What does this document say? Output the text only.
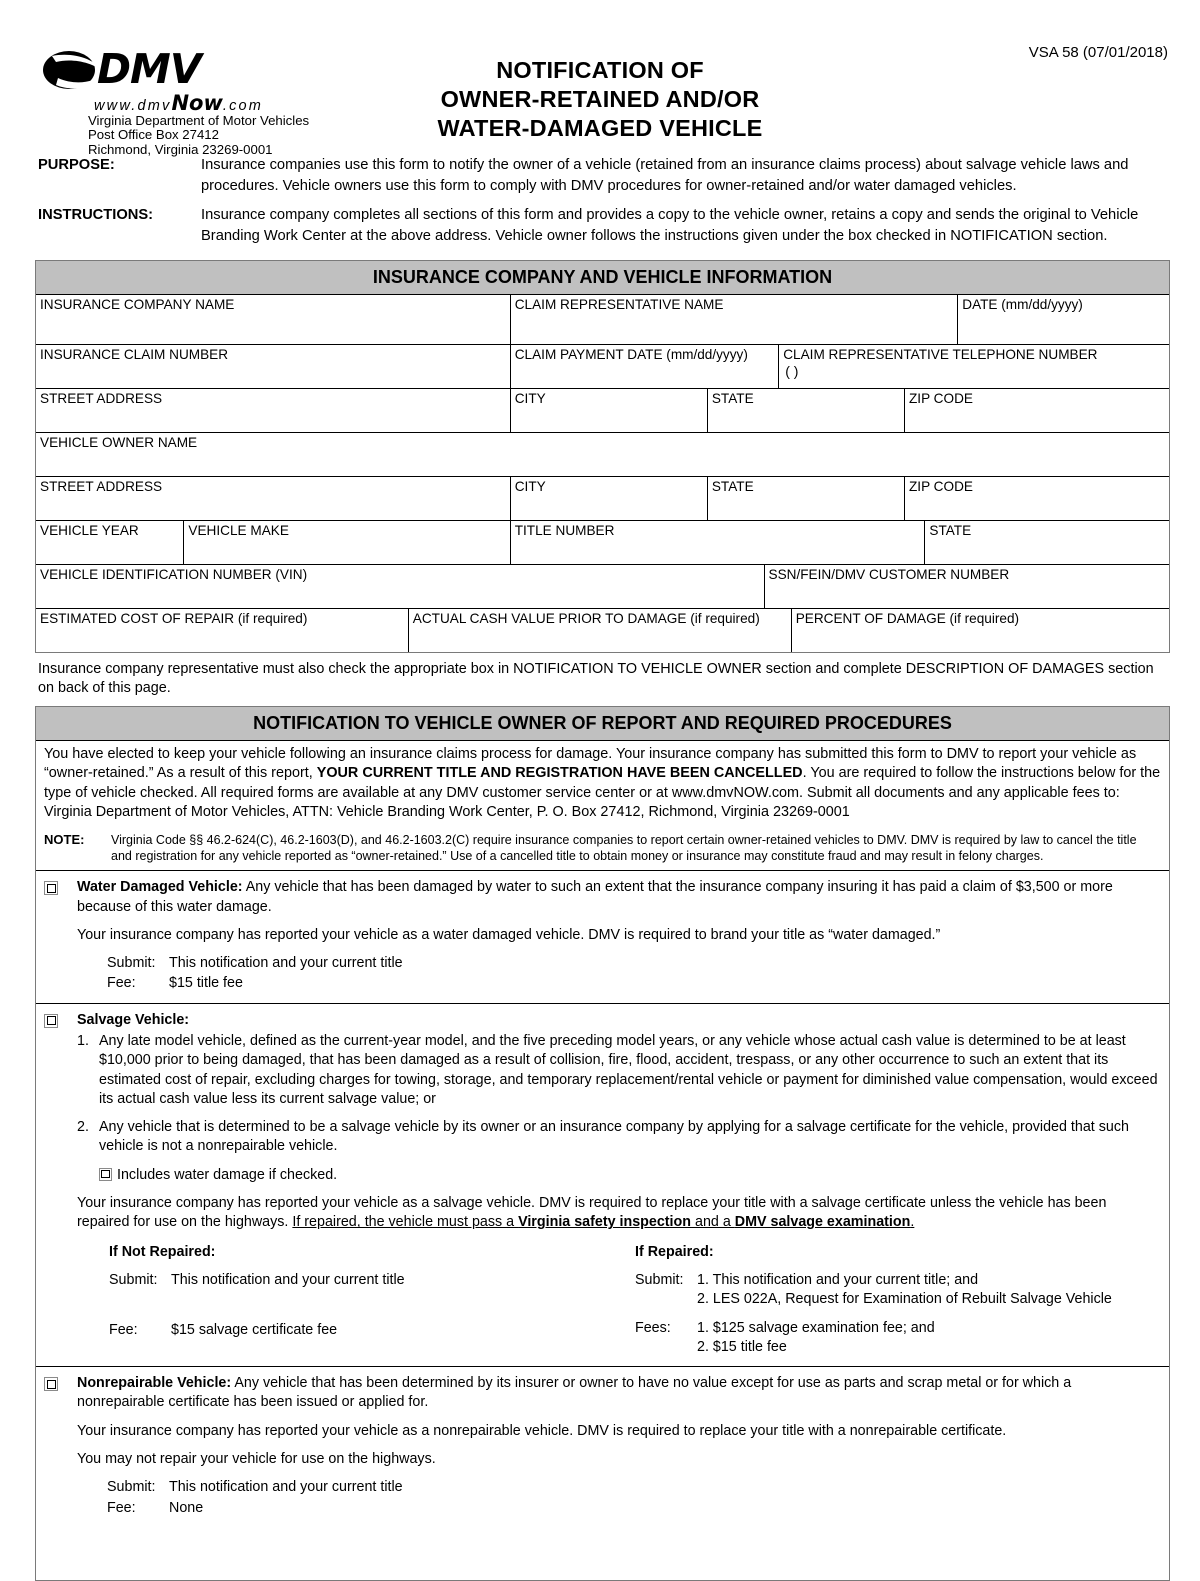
DMV
www.dmvNow.com
Virginia Department of Motor Vehicles
Post Office Box 27412
Richmond, Virginia 23269-0001
NOTIFICATION OF
OWNER-RETAINED AND/OR
WATER-DAMAGED VEHICLE
VSA 58 (07/01/2018)
PURPOSE:	Insurance companies use this form to notify the owner of a vehicle (retained from an insurance claims process) about salvage vehicle laws and procedures. Vehicle owners use this form to comply with DMV procedures for owner-retained and/or water damaged vehicles.
INSTRUCTIONS:	Insurance company completes all sections of this form and provides a copy to the vehicle owner, retains a copy and sends the original to Vehicle Branding Work Center at the above address. Vehicle owner follows the instructions given under the box checked in NOTIFICATION section.
INSURANCE COMPANY AND VEHICLE INFORMATION
INSURANCE COMPANY NAME	CLAIM REPRESENTATIVE NAME	DATE (mm/dd/yyyy)
INSURANCE CLAIM NUMBER	CLAIM PAYMENT DATE (mm/dd/yyyy)	CLAIM REPRESENTATIVE TELEPHONE NUMBER
( )
STREET ADDRESS	CITY	STATE	ZIP CODE
VEHICLE OWNER NAME
STREET ADDRESS	CITY	STATE	ZIP CODE
VEHICLE YEAR	VEHICLE MAKE	TITLE NUMBER	STATE
VEHICLE IDENTIFICATION NUMBER (VIN)	SSN/FEIN/DMV CUSTOMER NUMBER
ESTIMATED COST OF REPAIR (if required)	ACTUAL CASH VALUE PRIOR TO DAMAGE (if required)	PERCENT OF DAMAGE (if required)
Insurance company representative must also check the appropriate box in NOTIFICATION TO VEHICLE OWNER section and complete DESCRIPTION OF DAMAGES section on back of this page.
NOTIFICATION TO VEHICLE OWNER OF REPORT AND REQUIRED PROCEDURES

You have elected to keep your vehicle following an insurance claims process for damage. Your insurance company has submitted this form to DMV to report your vehicle as “owner-retained.” As a result of this report, YOUR CURRENT TITLE AND REGISTRATION HAVE BEEN CANCELLED. You are required to follow the instructions below for the type of vehicle checked. All required forms are available at any DMV customer service center or at www.dmvNOW.com. Submit all documents and any applicable fees to:

Virginia Department of Motor Vehicles, ATTN: Vehicle Branding Work Center, P. O. Box 27412, Richmond, Virginia 23269-0001

NOTE:	Virginia Code §§ 46.2-624(C), 46.2-1603(D), and 46.2-1603.2(C) require insurance companies to report certain owner-retained vehicles to DMV. DMV is required by law to cancel the title and registration for any vehicle reported as “owner-retained.” Use of a cancelled title to obtain money or insurance may constitute fraud and may result in felony charges.

Water Damaged Vehicle: Any vehicle that has been damaged by water to such an extent that the insurance company insuring it has paid a claim of $3,500 or more because of this water damage.

Your insurance company has reported your vehicle as a water damaged vehicle. DMV is required to brand your title as “water damaged.”

Submit: This notification and your current title
Fee: $15 title fee

Salvage Vehicle:

1. Any late model vehicle, defined as the current-year model, and the five preceding model years, or any vehicle whose actual cash value is determined to be at least $10,000 prior to being damaged, that has been damaged as a result of collision, fire, flood, accident, trespass, or any other occurrence to such an extent that its estimated cost of repair, excluding charges for towing, storage, and temporary replacement/rental vehicle or payment for diminished value compensation, would exceed its actual cash value less its current salvage value; or
2. Any vehicle that is determined to be a salvage vehicle by its owner or an insurance company by applying for a salvage certificate for the vehicle, provided that such vehicle is not a nonrepairable vehicle.

Includes water damage if checked.

Your insurance company has reported your vehicle as a salvage vehicle. DMV is required to replace your title with a salvage certificate unless the vehicle has been repaired for use on the highways. If repaired, the vehicle must pass a Virginia safety inspection and a DMV salvage examination.

If Not Repaired:
Submit: This notification and your current title
Fee:	$15 salvage certificate fee
If Repaired:
Submit: 1. This notification and your current title; and
2. LES 022A, Request for Examination of Rebuilt Salvage Vehicle
Fees:	1. $125 salvage examination fee; and
2. $15 title fee

Nonrepairable Vehicle: Any vehicle that has been determined by its insurer or owner to have no value except for use as parts and scrap metal or for which a nonrepairable certificate has been issued or applied for.

Your insurance company has reported your vehicle as a nonrepairable vehicle. DMV is required to replace your title with a nonrepairable certificate.

You may not repair your vehicle for use on the highways.

Submit: This notification and your current title
Fee: None
